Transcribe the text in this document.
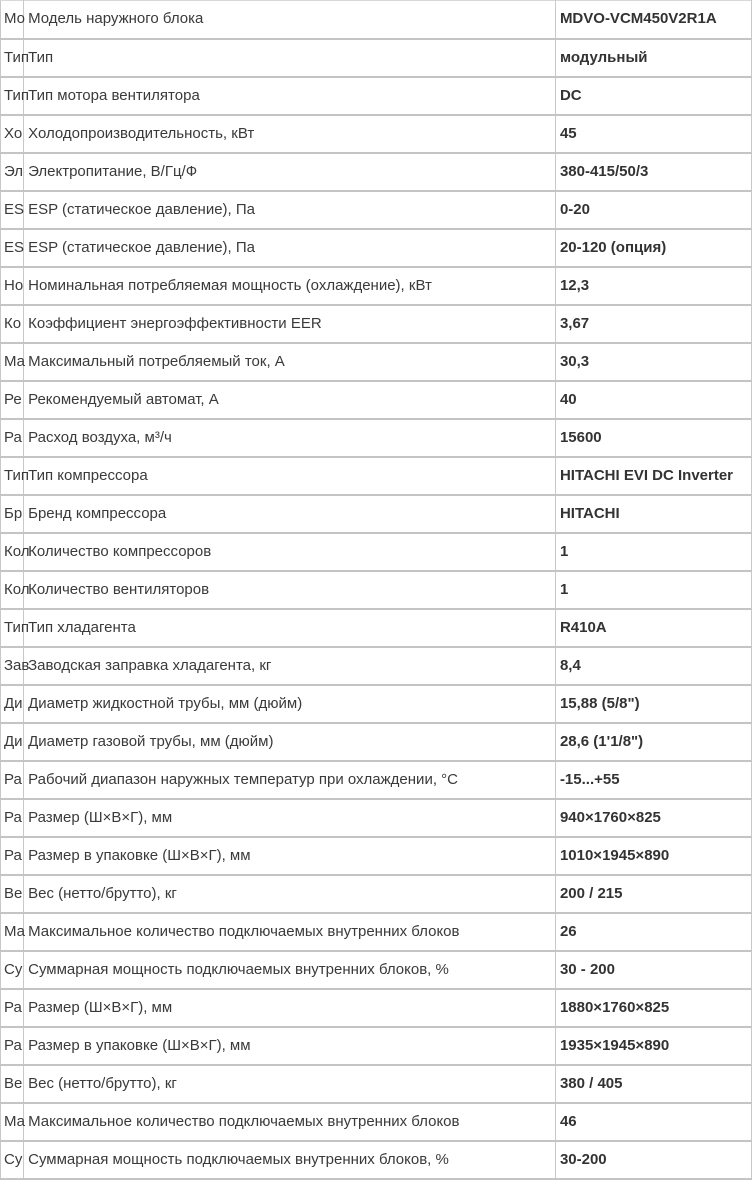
Мо	Модель наружного блока	MDVO-VCM450V2R1A
Тип	Тип	модульный
Тип	Тип мотора вентилятора	DC
Хо	Холодопроизводительность, кВт	45
Эл	Электропитание, В/Гц/Ф	380-415/50/3
ES	ESP (статическое давление), Па	0-20
ES	ESP (статическое давление), Па	20-120 (опция)
Но	Номинальная потребляемая мощность (охлаждение), кВт	12,3
Ко	Коэффициент энергоэффективности EER	3,67
Ма	Максимальный потребляемый ток, А	30,3
Ре	Рекомендуемый автомат, А	40
Ра	Расход воздуха, м³/ч	15600
Тип	Тип компрессора	HITACHI EVI DC Inverter
Бр	Бренд компрессора	HITACHI
Кол	Количество компрессоров	1
Кол	Количество вентиляторов	1
Тип	Тип хладагента	R410A
Зав	Заводская заправка хладагента, кг	8,4
Ди	Диаметр жидкостной трубы, мм (дюйм)	15,88 (5/8")
Ди	Диаметр газовой трубы, мм (дюйм)	28,6 (1'1/8")
Ра	Рабочий диапазон наружных температур при охлаждении, °С	-15...+55
Ра	Размер (Ш×В×Г), мм	940×1760×825
Ра	Размер в упаковке (Ш×В×Г), мм	1010×1945×890
Ве	Вес (нетто/брутто), кг	200 / 215
Ма	Максимальное количество подключаемых внутренних блоков	26
Су	Суммарная мощность подключаемых внутренних блоков, %	30 - 200
Ра	Размер (Ш×В×Г), мм	1880×1760×825
Ра	Размер в упаковке (Ш×В×Г), мм	1935×1945×890
Ве	Вес (нетто/брутто), кг	380 / 405
Ма	Максимальное количество подключаемых внутренних блоков	46
Су	Суммарная мощность подключаемых внутренних блоков, %	30-200
